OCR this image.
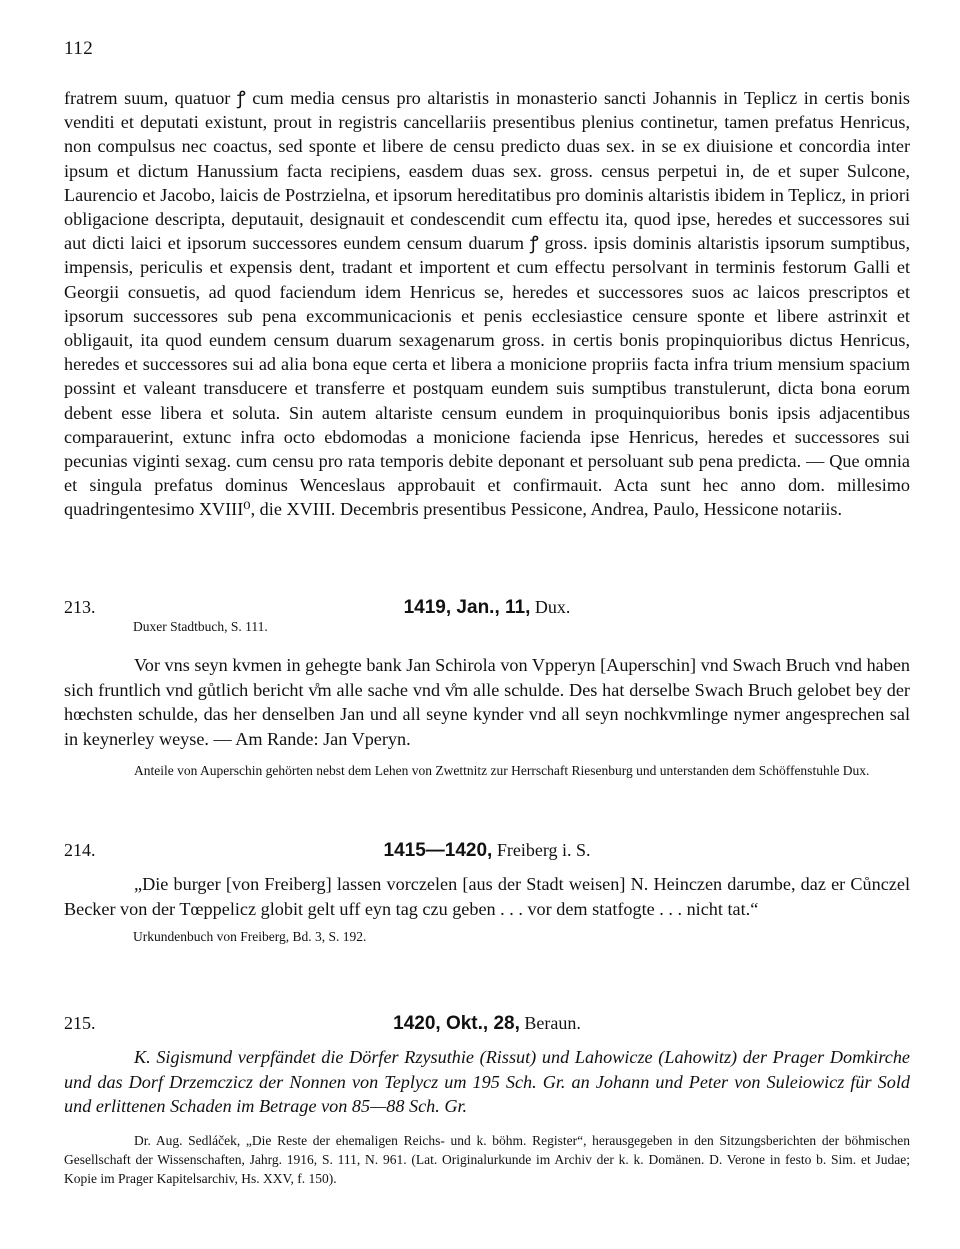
112

fratrem suum, quatuor ꝭ cum media census pro altaristis in monasterio sancti Johannis in Teplicz in certis bonis venditi et deputati existunt, prout in registris cancellariis presentibus plenius continetur, tamen prefatus Henricus, non compulsus nec coactus, sed sponte et libere de censu predicto duas sex. in se ex diuisione et concordia inter ipsum et dictum Hanussium facta recipiens, easdem duas sex. gross. census perpetui in, de et super Sulcone, Laurencio et Jacobo, laicis de Postrzielna, et ipsorum hereditatibus pro dominis altaristis ibidem in Teplicz, in priori obligacione descripta, deputauit, designauit et condescendit cum effectu ita, quod ipse, heredes et successores sui aut dicti laici et ipsorum successores eundem censum duarum ꝭ gross. ipsis dominis altaristis ipsorum sumptibus, impensis, periculis et expensis dent, tradant et importent et cum effectu persolvant in terminis festorum Galli et Georgii consuetis, ad quod faciendum idem Henricus se, heredes et successores suos ac laicos prescriptos et ipsorum successores sub pena excommunicacionis et penis ecclesiastice censure sponte et libere astrinxit et obligauit, ita quod eundem censum duarum sexagenarum gross. in certis bonis propinquioribus dictus Henricus, heredes et successores sui ad alia bona eque certa et libera a monicione propriis facta infra trium mensium spacium possint et valeant transducere et transferre et postquam eundem suis sumptibus transtulerunt, dicta bona eorum debent esse libera et soluta. Sin autem altariste censum eundem in proquinquioribus bonis ipsis adjacentibus comparauerint, extunc infra octo ebdomodas a monicione facienda ipse Henricus, heredes et successores sui pecunias viginti sexag. cum censu pro rata temporis debite deponant et persoluant sub pena predicta. — Que omnia et singula prefatus dominus Wenceslaus approbauit et confirmauit. Acta sunt hec anno dom. millesimo quadringentesimo XVIII⁰, die XVIII. Decembris presentibus Pessicone, Andrea, Paulo, Hessicone notariis.

213.	1419, Jan., 11, Dux.
Duxer Stadtbuch, S. 111.

Vor vns seyn kvmen in gehegte bank Jan Schirola von Vpperyn [Auperschin] vnd Swach Bruch vnd haben sich fruntlich vnd gůtlich bericht v̊m alle sache vnd v̊m alle schulde. Des hat derselbe Swach Bruch gelobet bey der hœchsten schulde, das her denselben Jan und all seyne kynder vnd all seyn nochkvmlinge nymer angesprechen sal in keynerley weyse. — Am Rande: Jan Vperyn.

Anteile von Auperschin gehörten nebst dem Lehen von Zwettnitz zur Herrschaft Riesenburg und unterstanden dem Schöffenstuhle Dux.

214.	1415—1420, Freiberg i. S.

„Die burger [von Freiberg] lassen vorczelen [aus der Stadt weisen] N. Heinczen darumbe, daz er Cůnczel Becker von der Tœppelicz globit gelt uff eyn tag czu geben . . . vor dem statfogte . . . nicht tat.“

Urkundenbuch von Freiberg, Bd. 3, S. 192.
215.	1420, Okt., 28, Beraun.

K. Sigismund verpfändet die Dörfer Rzysuthie (Rissut) und Lahowicze (Lahowitz) der Prager Domkirche und das Dorf Drzemczicz der Nonnen von Teplycz um 195 Sch. Gr. an Johann und Peter von Suleiowicz für Sold und erlittenen Schaden im Betrage von 85—88 Sch. Gr.

Dr. Aug. Sedláček, „Die Reste der ehemaligen Reichs- und k. böhm. Register“, herausgegeben in den Sitzungsberichten der böhmischen Gesellschaft der Wissenschaften, Jahrg. 1916, S. 111, N. 961. (Lat. Originalurkunde im Archiv der k. k. Domänen. D. Verone in festo b. Sim. et Judae; Kopie im Prager Kapitelsarchiv, Hs. XXV, f. 150).
